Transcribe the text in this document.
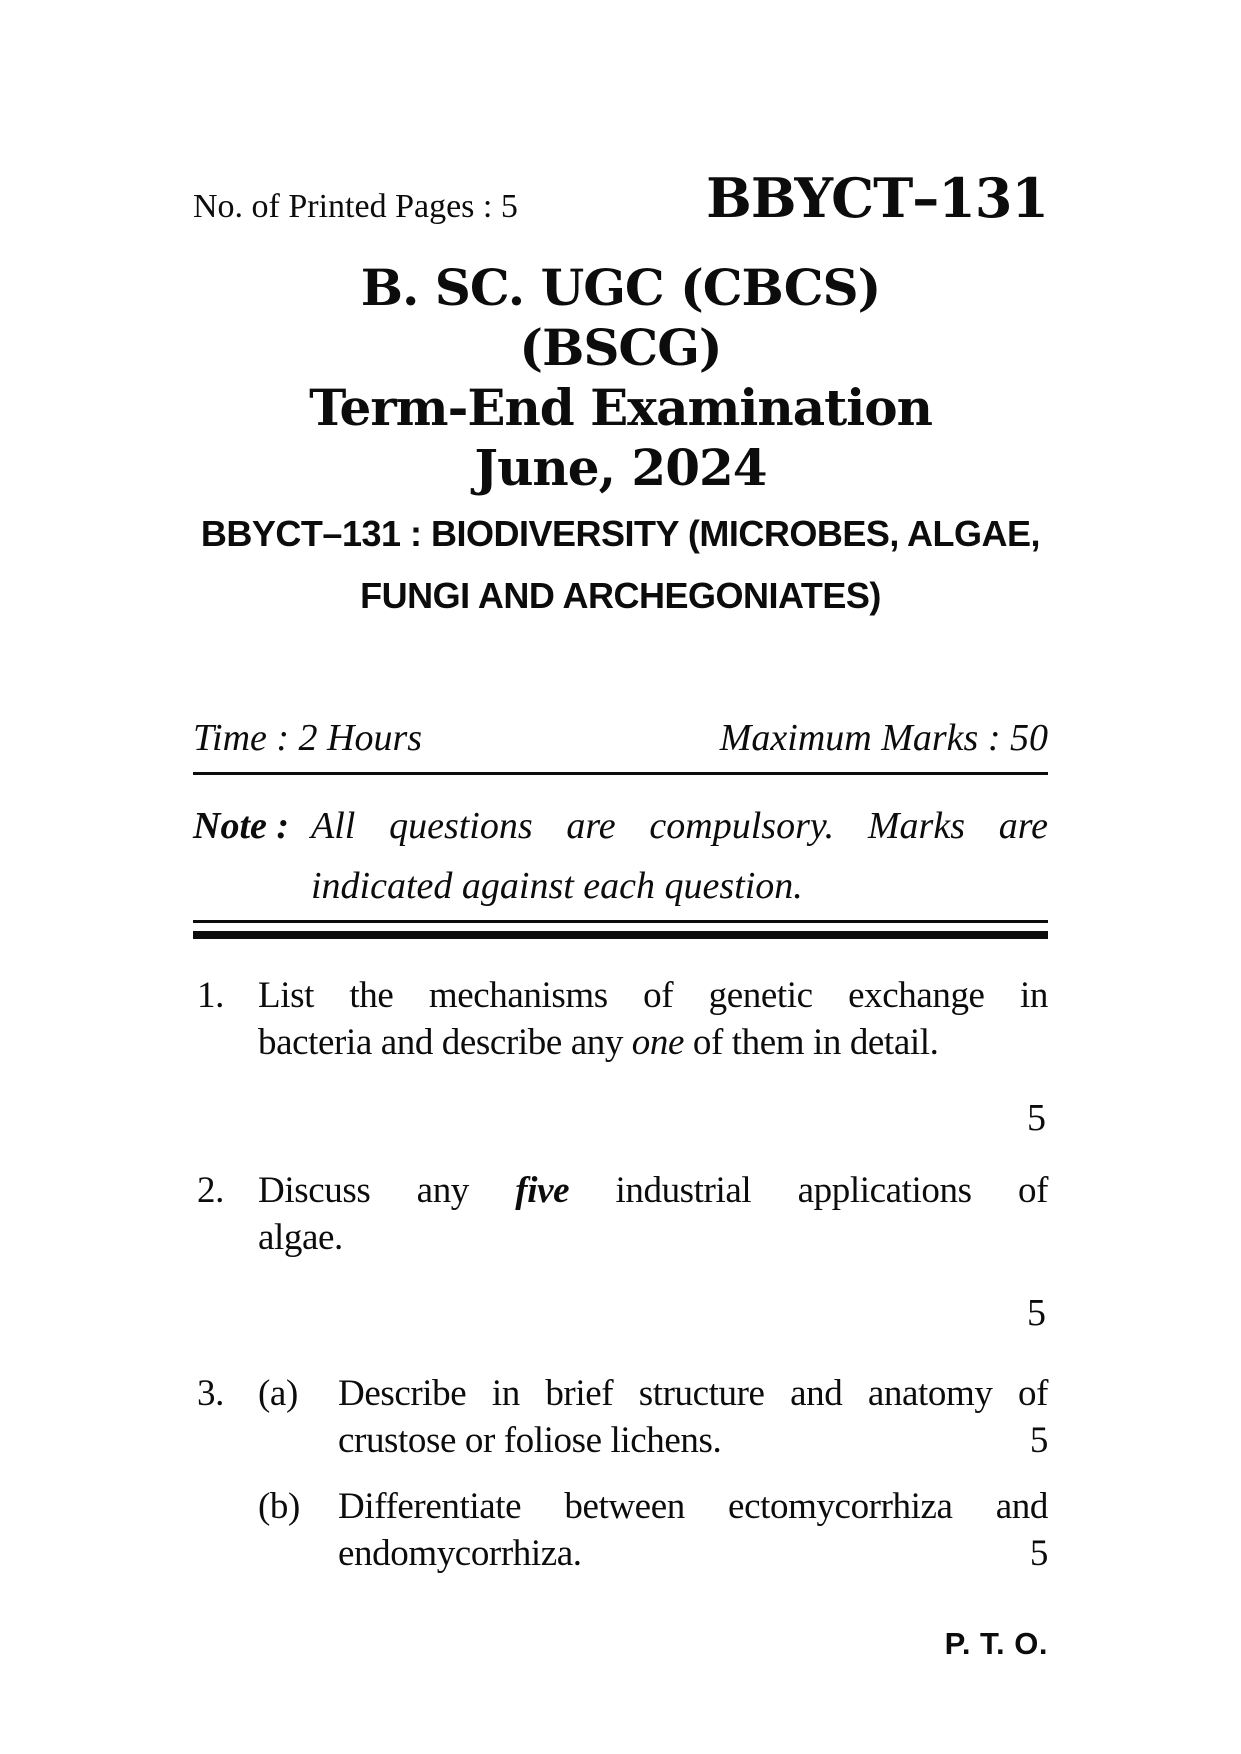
No. of Printed Pages : 5	BBYCT–131
B. SC. UGC (CBCS)
(BSCG)
Term-End Examination
June, 2024
BBYCT–131 : BIODIVERSITY (MICROBES, ALGAE,
FUNGI AND ARCHEGONIATES)
Time : 2 Hours	Maximum Marks : 50
Note : All questions are compulsory. Marks are
indicated against each question.
1. List the mechanisms of genetic exchange in
bacteria and describe any one of them in detail.
5
2. Discuss any five industrial applications of
algae.
5
3. (a)	Describe in brief structure and anatomy of
crustose or foliose lichens.	5
(b)	Differentiate between ectomycorrhiza and
endomycorrhiza.	5
P. T. O.
